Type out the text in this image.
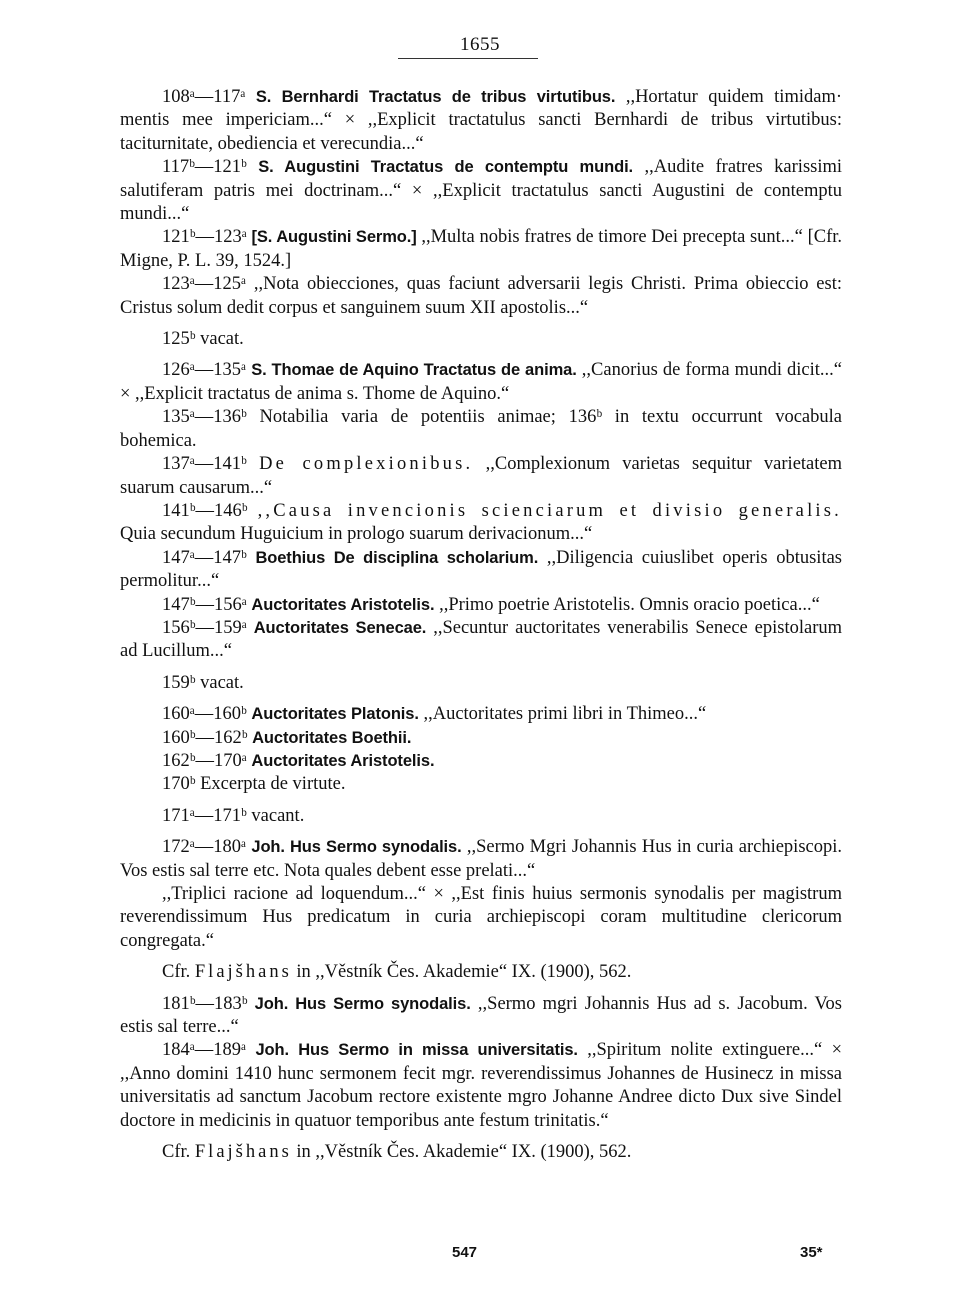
1655

108ᵃ—117ᵃ S. Bernhardi Tractatus de tribus virtutibus. ,,Hortatur quidem timidam· mentis mee impericiam...“ × ,,Explicit tractatulus sancti Bernhardi de tribus virtutibus: taciturnitate, obediencia et verecundia...“

117ᵇ—121ᵇ S. Augustini Tractatus de contemptu mundi. ,,Audite fratres karissimi salutiferam patris mei doctrinam...“ × ,,Explicit tractatulus sancti Augustini de contemptu mundi...“

121ᵇ—123ᵃ [S. Augustini Sermo.] ,,Multa nobis fratres de timore Dei precepta sunt...“ [Cfr. Migne, P. L. 39, 1524.]

123ᵃ—125ᵃ ,,Nota obiecciones, quas faciunt adversarii legis Christi. Prima obieccio est: Cristus solum dedit corpus et sanguinem suum XII apostolis...“

125ᵇ vacat.

126ᵃ—135ᵃ S. Thomae de Aquino Tractatus de anima. ,,Canorius de forma mundi dicit...“ × ,,Explicit tractatus de anima s. Thome de Aquino.“

135ᵃ—136ᵇ Notabilia varia de potentiis animae; 136ᵇ in textu occurrunt vocabula bohemica.

137ᵃ—141ᵇ De complexionibus. ,,Complexionum varietas sequitur varietatem suarum causarum...“

141ᵇ—146ᵇ ,,Causa invencionis scienciarum et divisio generalis. Quia secundum Huguicium in prologo suarum derivacionum...“

147ᵃ—147ᵇ Boethius De disciplina scholarium. ,,Diligencia cuiuslibet operis obtusitas permolitur...“

147ᵇ—156ᵃ Auctoritates Aristotelis. ,,Primo poetrie Aristotelis. Omnis oracio poetica...“

156ᵇ—159ᵃ Auctoritates Senecae. ,,Secuntur auctoritates venerabilis Senece epistolarum ad Lucillum...“

159ᵇ vacat.

160ᵃ—160ᵇ Auctoritates Platonis. ,,Auctoritates primi libri in Thimeo...“

160ᵇ—162ᵇ Auctoritates Boethii.

162ᵇ—170ᵃ Auctoritates Aristotelis.

170ᵇ Excerpta de virtute.

171ᵃ—171ᵇ vacant.

172ᵃ—180ᵃ Joh. Hus Sermo synodalis. ,,Sermo Mgri Johannis Hus in curia archiepiscopi. Vos estis sal terre etc. Nota quales debent esse prelati...“

,,Triplici racione ad loquendum...“ × ,,Est finis huius sermonis synodalis per magistrum reverendissimum Hus predicatum in curia archiepiscopi coram multitudine clericorum congregata.“

Cfr. Flajšhans in ,,Věstník Čes. Akademie“ IX. (1900), 562.

181ᵇ—183ᵇ Joh. Hus Sermo synodalis. ,,Sermo mgri Johannis Hus ad s. Jacobum. Vos estis sal terre...“

184ᵃ—189ᵃ Joh. Hus Sermo in missa universitatis. ,,Spiritum nolite extinguere...“ × ,,Anno domini 1410 hunc sermonem fecit mgr. reverendissimus Johannes de Husinecz in missa universitatis ad sanctum Jacobum rectore existente mgro Johanne Andree dicto Dux sive Sindel doctore in medicinis in quatuor temporibus ante festum trinitatis.“

Cfr. Flajšhans in ,,Věstník Čes. Akademie“ IX. (1900), 562.

547	35*
